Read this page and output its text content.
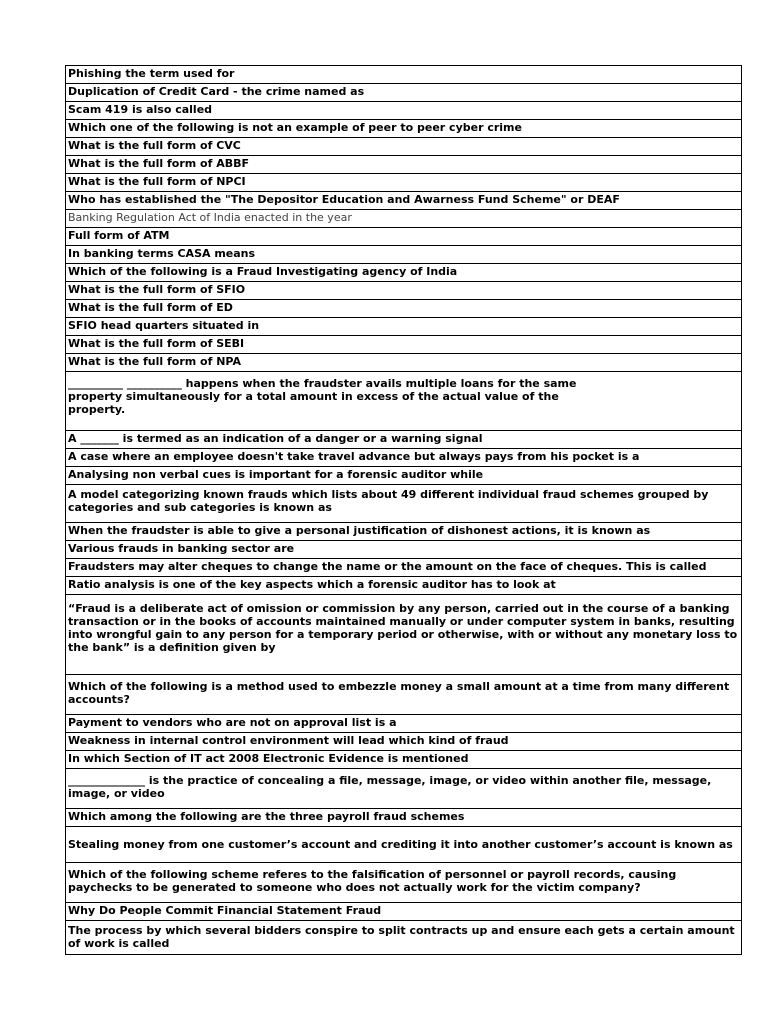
Phishing the term used for
Duplication of Credit Card - the crime named as
Scam 419 is also called
Which one of the following is not an example of peer to peer cyber crime
What is the full form of CVC
What is the full form of ABBF
What is the full form of NPCI
Who has established the "The Depositor Education and Awarness Fund Scheme" or DEAF
Banking Regulation Act of India enacted in the year
Full form of ATM
In banking terms CASA means
Which of the following is a Fraud Investigating agency of India
What is the full form of SFIO
What is the full form of ED
SFIO head quarters situated in
What is the full form of SEBI
What is the full form of NPA
__________ __________ happens when the fraudster avails multiple loans for the same
property simultaneously for a total amount in excess of the actual value of the
property.
A _______ is termed as an indication of a danger or a warning signal
A case where an employee doesn't take travel advance but always pays from his pocket is a
Analysing non verbal cues is important for a forensic auditor while
A model categorizing known frauds which lists about 49 different individual fraud schemes grouped by categories and sub categories is known as
When the fraudster is able to give a personal justification of dishonest actions, it is known as
Various frauds in banking sector are
Fraudsters may alter cheques to change the name or the amount on the face of cheques. This is called
Ratio analysis is one of the key aspects which a forensic auditor has to look at
“Fraud is a deliberate act of omission or commission by any person, carried out in the course of a banking transaction or in the books of accounts maintained manually or under computer system in banks, resulting into wrongful gain to any person for a temporary period or otherwise, with or without any monetary loss to the bank” is a definition given by
Which of the following is a method used to embezzle money a small amount at a time from many different accounts?
Payment to vendors who are not on approval list is a
Weakness in internal control environment will lead which kind of fraud
In which Section of IT act 2008 Electronic Evidence is mentioned
______________ is the practice of concealing a file, message, image, or video within another file, message, image, or video
Which among the following are the three payroll fraud schemes
Stealing money from one customer’s account and crediting it into another customer’s account is known as
Which of the following scheme referes to the falsification of personnel or payroll records, causing paychecks to be generated to someone who does not actually work for the victim company?
Why Do People Commit Financial Statement Fraud
The process by which several bidders conspire to split contracts up and ensure each gets a certain amount of work is called
